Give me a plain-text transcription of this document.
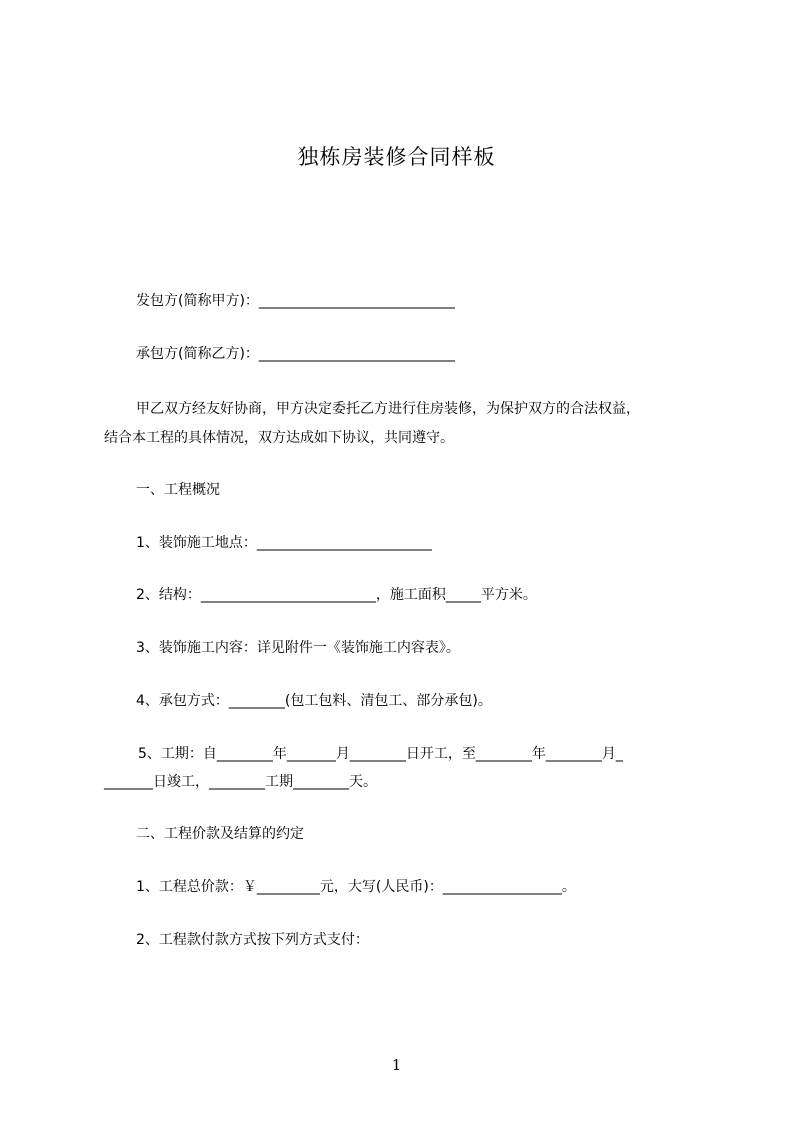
独栋房装修合同样板

发包方(简称甲方)：____________________________

承包方(简称乙方)：____________________________

甲乙双方经友好协商，甲方决定委托乙方进行住房装修，为保护双方的合法权益，

结合本工程的具体情况，双方达成如下协议，共同遵守。

一、工程概况

1、装饰施工地点：_________________________

2、结构：_________________________，施工面积_____平方米。

3、装饰施工内容：详见附件一《装饰施工内容表》。

4、承包方式：________(包工包料、清包工、部分承包)。

5、工期：自________年_______月________日开工，至________年________月_

_______日竣工，________工期________天。

二、工程价款及结算的约定

1、工程总价款：￥_________元，大写(人民币)：_________________。

2、工程款付款方式按下列方式支付：

1
